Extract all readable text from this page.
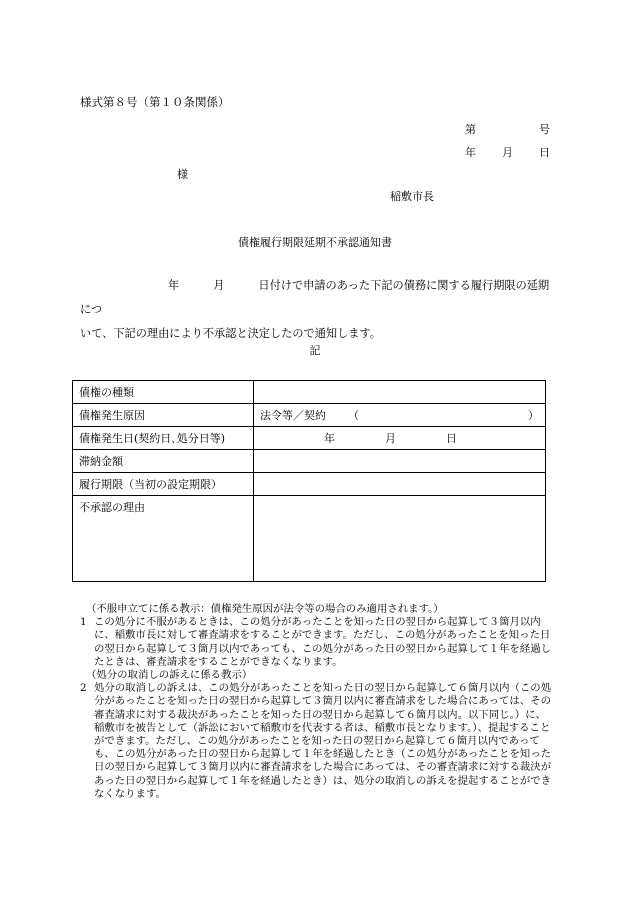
様式第８号（第１０条関係）
第	号
年 月 日
様
稲敷市長
債権履行期限延期不承認通知書
年	月	日付けで申請のあった下記の債務に関する履行期限の延期につ
いて、下記の理由により不承認と決定したので通知します。
記
債権の種類	
債権発生原因	法令等／契約 （ ）

債権発生日(契約日､処分日等)	年 月 日

滞納金額	
履行期限（当初の設定期限）	
不承認の理由	
（不服申立てに係る教示：債権発生原因が法令等の場合のみ適用されます。）
1 この処分に不服があるときは、この処分があったことを知った日の翌日から起算して３箇月以内に、稲敷市長に対して審査請求をすることができます。ただし、この処分があったことを知った日の翌日から起算して３箇月以内であっても、この処分があった日の翌日から起算して１年を経過したときは、審査請求をすることができなくなります。
（処分の取消しの訴えに係る教示）
2 処分の取消しの訴えは、この処分があったことを知った日の翌日から起算して６箇月以内（この処分があったことを知った日の翌日から起算して３箇月以内に審査請求をした場合にあっては、その審査請求に対する裁決があったことを知った日の翌日から起算して６箇月以内。以下同じ。）に、稲敷市を被告として（訴訟において稲敷市を代表する者は、稲敷市長となります。）、提起することができます。ただし、この処分があったことを知った日の翌日から起算して６箇月以内であっても、この処分があった日の翌日から起算して１年を経過したとき（この処分があったことを知った日の翌日から起算して３箇月以内に審査請求をした場合にあっては、その審査請求に対する裁決があった日の翌日から起算して１年を経過したとき）は、処分の取消しの訴えを提起することができなくなります。
